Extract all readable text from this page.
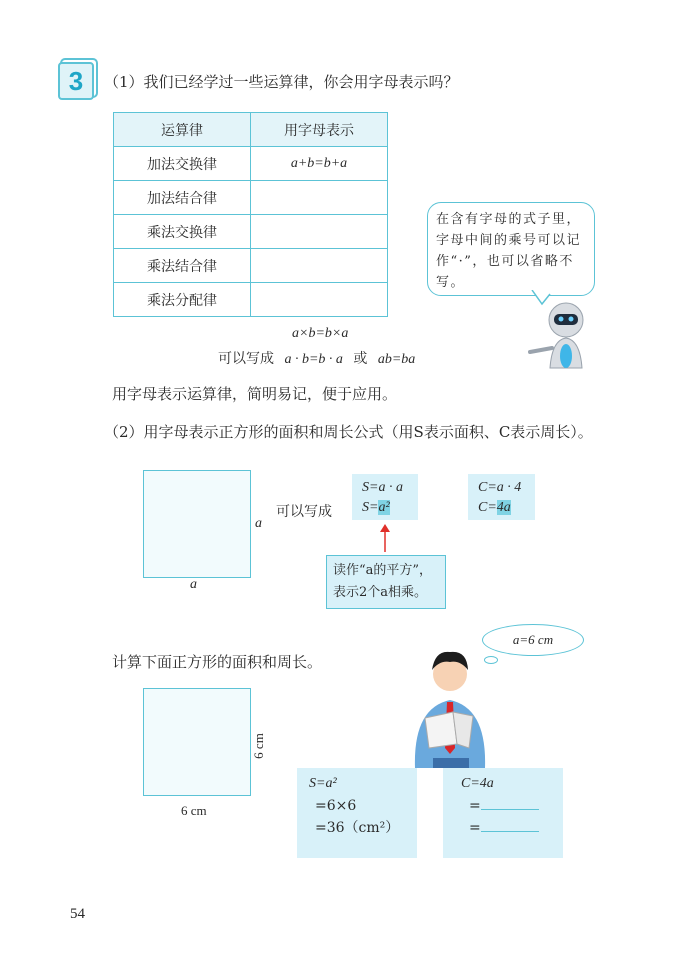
3	（1）我们已经学过一些运算律，你会用字母表示吗？
运算律	用字母表示
加法交换律	a+b=b+a
加法结合律	
乘法交换律	
乘法结合律	
乘法分配律	
在含有字母的式子里，字母中间的乘号可以记作“·”，也可以省略不写。
a×b=b×a
可以写成 a · b=b · a 或 ab=ba
用字母表示运算律，简明易记，便于应用。
（2）用字母表示正方形的面积和周长公式（用S表示面积、C表示周长）。
a
a
可以写成
S=a · a
S=a²
C=a · 4
C=4a
读作“a的平方”，
表示2个a相乘。
计算下面正方形的面积和周长。
a=6 cm
6 cm
6 cm
S=a²
=6×6
=36（cm²）
C=4a
=
=
54
